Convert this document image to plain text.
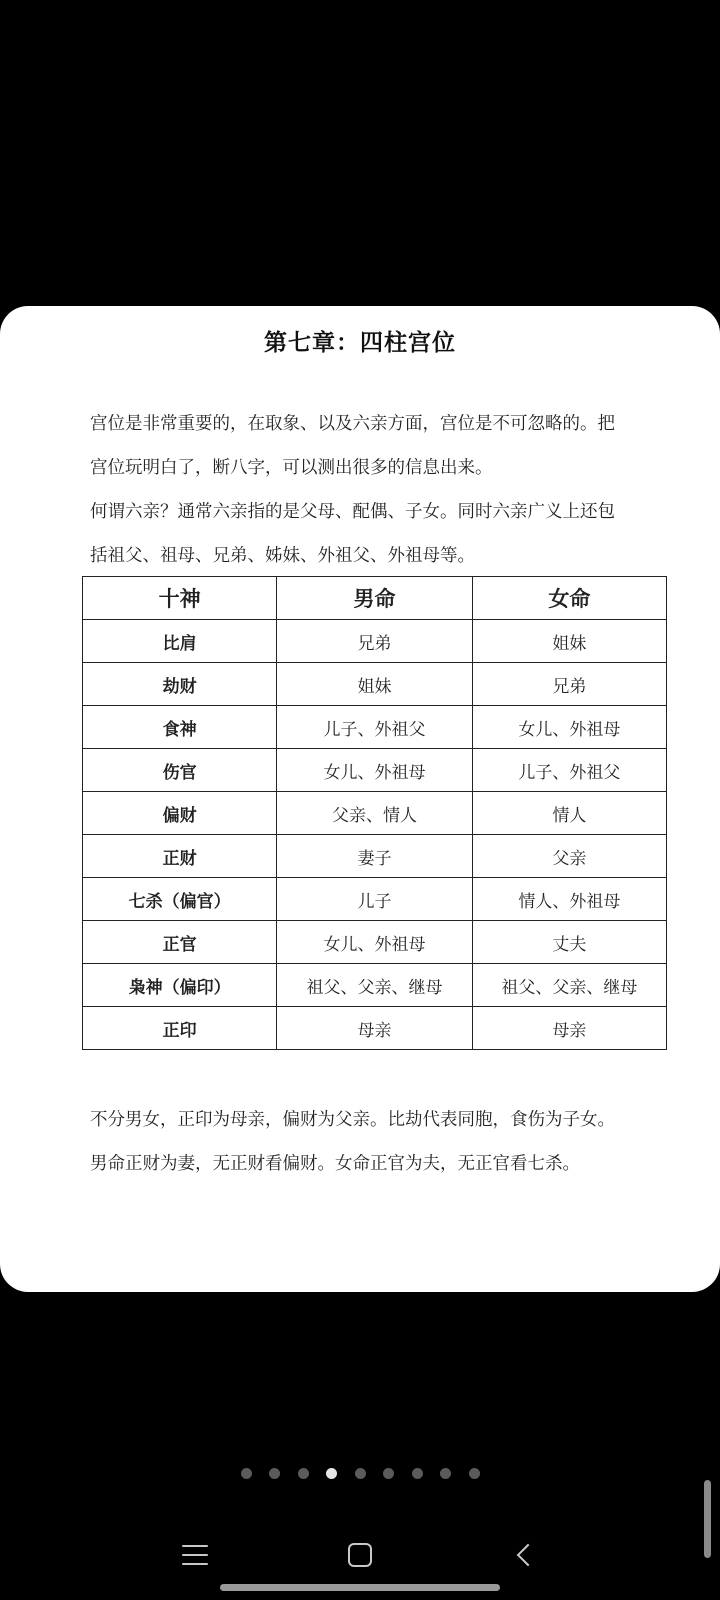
第七章：四柱宫位

宫位是非常重要的，在取象、以及六亲方面，宫位是不可忽略的。把

宫位玩明白了，断八字，可以测出很多的信息出来。

何谓六亲？通常六亲指的是父母、配偶、子女。同时六亲广义上还包

括祖父、祖母、兄弟、姊妹、外祖父、外祖母等。

十神	男命	女命
比肩	兄弟	姐妹
劫财	姐妹	兄弟
食神	儿子、外祖父	女儿、外祖母
伤官	女儿、外祖母	儿子、外祖父
偏财	父亲、情人	情人
正财	妻子	父亲
七杀（偏官）	儿子	情人、外祖母
正官	女儿、外祖母	丈夫
枭神（偏印）	祖父、父亲、继母	祖父、父亲、继母
正印	母亲	母亲

不分男女，正印为母亲，偏财为父亲。比劫代表同胞，食伤为子女。

男命正财为妻，无正财看偏财。女命正官为夫，无正官看七杀。
